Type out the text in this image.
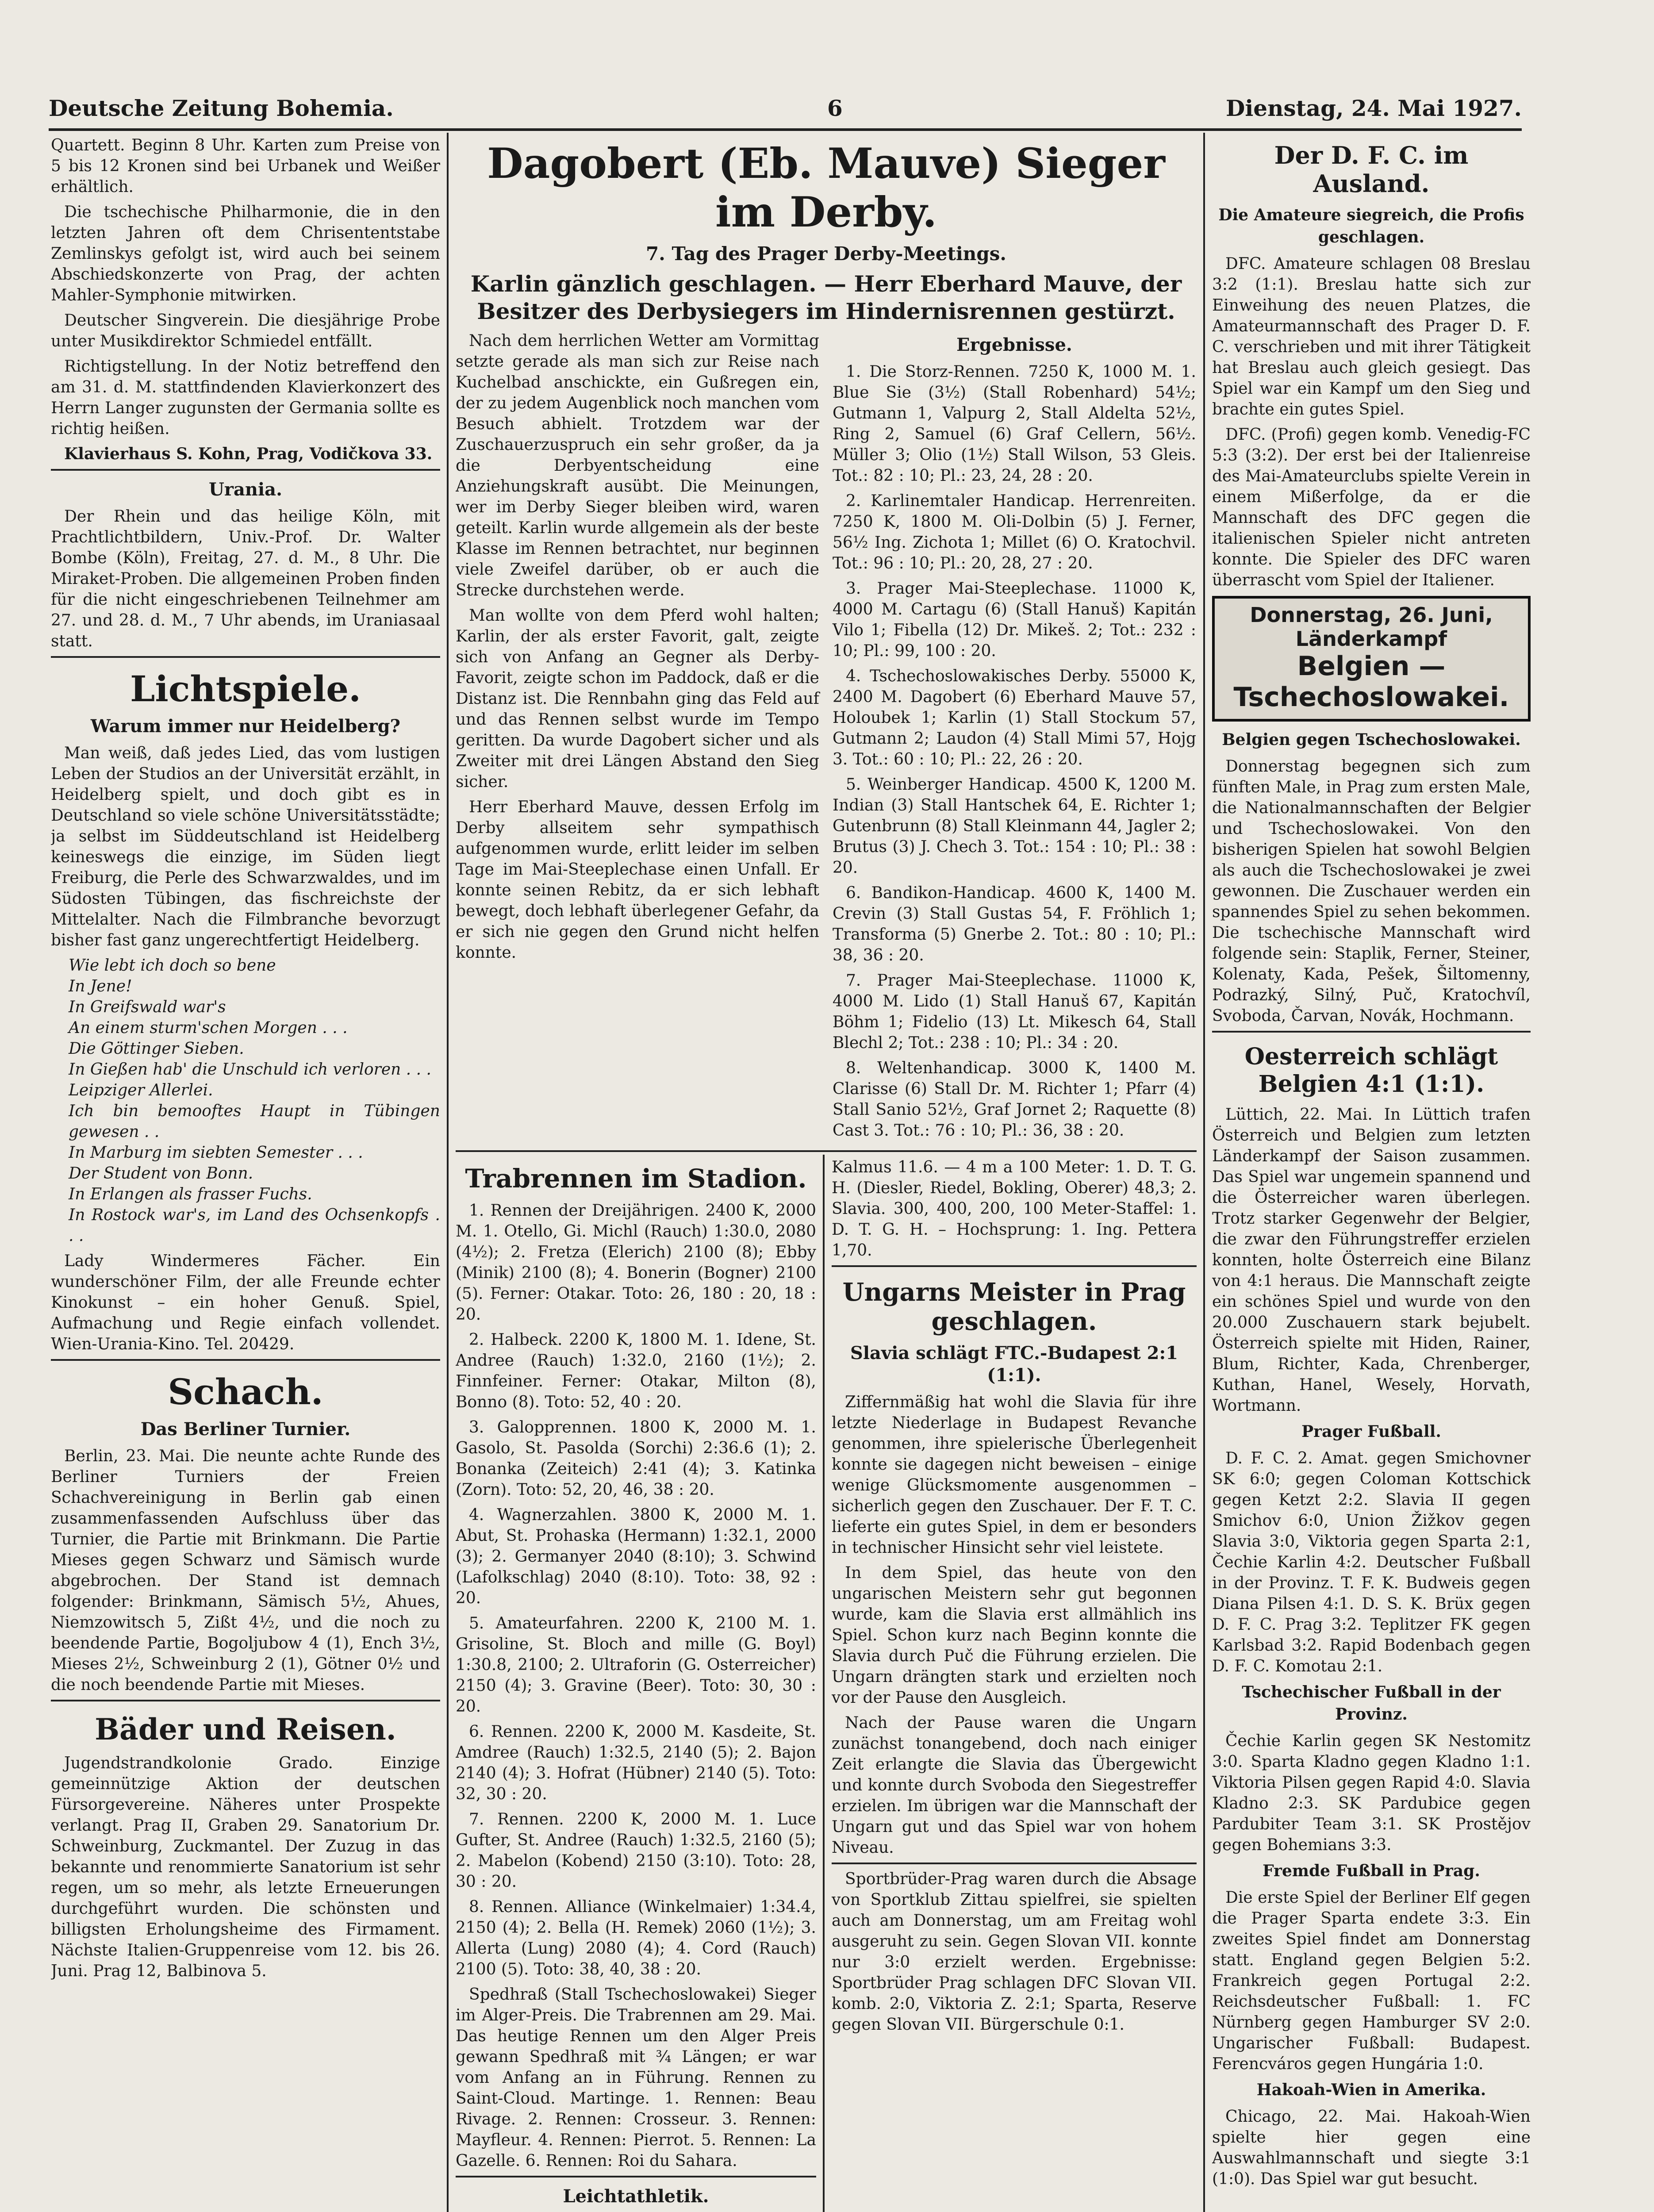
Deutsche Zeitung Bohemia.	6	Dienstag, 24. Mai 1927.

Quartett. Beginn 8 Uhr. Karten zum Preise von 5 bis 12 Kronen sind bei Urbanek und Weißer erhältlich.

Die tschechische Philharmonie, die in den letzten Jahren oft dem Chrisententstabe Zemlinskys gefolgt ist, wird auch bei seinem Abschiedskonzerte von Prag, der achten Mahler-Symphonie mitwirken.

Deutscher Singverein. Die diesjährige Probe unter Musikdirektor Schmiedel entfällt.

Richtigstellung. In der Notiz betreffend den am 31. d. M. stattfindenden Klavierkonzert des Herrn Langer zugunsten der Germania sollte es richtig heißen.

Klavierhaus S. Kohn, Prag, Vodičkova 33.

Urania.

Der Rhein und das heilige Köln, mit Prachtlichtbildern, Univ.-Prof. Dr. Walter Bombe (Köln), Freitag, 27. d. M., 8 Uhr. Die Miraket-Proben. Die allgemeinen Proben finden für die nicht eingeschriebenen Teilnehmer am 27. und 28. d. M., 7 Uhr abends, im Uraniasaal statt.

Lichtspiele.
Warum immer nur Heidelberg?

Man weiß, daß jedes Lied, das vom lustigen Leben der Studios an der Universität erzählt, in Heidelberg spielt, und doch gibt es in Deutschland so viele schöne Universitätsstädte; ja selbst im Süddeutschland ist Heidelberg keineswegs die einzige, im Süden liegt Freiburg, die Perle des Schwarzwaldes, und im Südosten Tübingen, das fischreichste der Mittelalter. Nach die Filmbranche bevorzugt bisher fast ganz ungerechtfertigt Heidelberg.

Wie lebt ich doch so bene

In Jene!

In Greifswald war's

An einem sturm'schen Morgen . . .

Die Göttinger Sieben.

In Gießen hab' die Unschuld ich verloren . . .

Leipziger Allerlei.

Ich bin bemooftes Haupt in Tübingen gewesen . .

In Marburg im siebten Semester . . .

Der Student von Bonn.

In Erlangen als frasser Fuchs.

In Rostock war's, im Land des Ochsenkopfs . . .

Lady Windermeres Fächer. Ein wunderschöner Film, der alle Freunde echter Kinokunst – ein hoher Genuß. Spiel, Aufmachung und Regie einfach vollendet. Wien-Urania-Kino. Tel. 20429.

Schach.
Das Berliner Turnier.

Berlin, 23. Mai. Die neunte achte Runde des Berliner Turniers der Freien Schachvereinigung in Berlin gab einen zusammenfassenden Aufschluss über das Turnier, die Partie mit Brinkmann. Die Partie Mieses gegen Schwarz und Sämisch wurde abgebrochen. Der Stand ist demnach folgender: Brinkmann, Sämisch 5½, Ahues, Niemzowitsch 5, Zißt 4½, und die noch zu beendende Partie, Bogoljubow 4 (1), Ench 3½, Mieses 2½, Schweinburg 2 (1), Götner 0½ und die noch beendende Partie mit Mieses.

Bäder und Reisen.

Jugendstrandkolonie Grado. Einzige gemeinnützige Aktion der deutschen Fürsorgevereine. Näheres unter Prospekte verlangt. Prag II, Graben 29. Sanatorium Dr. Schweinburg, Zuckmantel. Der Zuzug in das bekannte und renommierte Sanatorium ist sehr regen, um so mehr, als letzte Erneuerungen durchgeführt wurden. Die schönsten und billigsten Erholungsheime des Firmament. Nächste Italien-Gruppenreise vom 12. bis 26. Juni. Prag 12, Balbinova 5.

Dagobert (Eb. Mauve) Sieger im Derby.
7. Tag des Prager Derby-Meetings.
Karlin gänzlich geschlagen. — Herr Eberhard Mauve, der Besitzer des Derbysiegers im Hindernisrennen gestürzt.

Nach dem herrlichen Wetter am Vormittag setzte gerade als man sich zur Reise nach Kuchelbad anschickte, ein Gußregen ein, der zu jedem Augenblick noch manchen vom Besuch abhielt. Trotzdem war der Zuschauerzuspruch ein sehr großer, da ja die Derbyentscheidung eine Anziehungskraft ausübt. Die Meinungen, wer im Derby Sieger bleiben wird, waren geteilt. Karlin wurde allgemein als der beste Klasse im Rennen betrachtet, nur beginnen viele Zweifel darüber, ob er auch die Strecke durchstehen werde.

Man wollte von dem Pferd wohl halten; Karlin, der als erster Favorit, galt, zeigte sich von Anfang an Gegner als Derby-Favorit, zeigte schon im Paddock, daß er die Distanz ist. Die Rennbahn ging das Feld auf und das Rennen selbst wurde im Tempo geritten. Da wurde Dagobert sicher und als Zweiter mit drei Längen Abstand den Sieg sicher.

Herr Eberhard Mauve, dessen Erfolg im Derby allseitem sehr sympathisch aufgenommen wurde, erlitt leider im selben Tage im Mai-Steeplechase einen Unfall. Er konnte seinen Rebitz, da er sich lebhaft bewegt, doch lebhaft überlegener Gefahr, da er sich nie gegen den Grund nicht helfen konnte.

Ergebnisse.

1. Die Storz-Rennen. 7250 K, 1000 M. 1. Blue Sie (3½) (Stall Robenhard) 54½; Gutmann 1, Valpurg 2, Stall Aldelta 52½, Ring 2, Samuel (6) Graf Cellern, 56½. Müller 3; Olio (1½) Stall Wilson, 53 Gleis. Tot.: 82 : 10; Pl.: 23, 24, 28 : 20.

2. Karlinemtaler Handicap. Herrenreiten. 7250 K, 1800 M. Oli-Dolbin (5) J. Ferner, 56½ Ing. Zichota 1; Millet (6) O. Kratochvil. Tot.: 96 : 10; Pl.: 20, 28, 27 : 20.

3. Prager Mai-Steeplechase. 11000 K, 4000 M. Cartagu (6) (Stall Hanuš) Kapitán Vilo 1; Fibella (12) Dr. Mikeš. 2; Tot.: 232 : 10; Pl.: 99, 100 : 20.

4. Tschechoslowakisches Derby. 55000 K, 2400 M. Dagobert (6) Eberhard Mauve 57, Holoubek 1; Karlin (1) Stall Stockum 57, Gutmann 2; Laudon (4) Stall Mimi 57, Hojg 3. Tot.: 60 : 10; Pl.: 22, 26 : 20.

5. Weinberger Handicap. 4500 K, 1200 M. Indian (3) Stall Hantschek 64, E. Richter 1; Gutenbrunn (8) Stall Kleinmann 44, Jagler 2; Brutus (3) J. Chech 3. Tot.: 154 : 10; Pl.: 38 : 20.

6. Bandikon-Handicap. 4600 K, 1400 M. Crevin (3) Stall Gustas 54, F. Fröhlich 1; Transforma (5) Gnerbe 2. Tot.: 80 : 10; Pl.: 38, 36 : 20.

7. Prager Mai-Steeplechase. 11000 K, 4000 M. Lido (1) Stall Hanuš 67, Kapitán Böhm 1; Fidelio (13) Lt. Mikesch 64, Stall Blechl 2; Tot.: 238 : 10; Pl.: 34 : 20.

8. Weltenhandicap. 3000 K, 1400 M. Clarisse (6) Stall Dr. M. Richter 1; Pfarr (4) Stall Sanio 52½, Graf Jornet 2; Raquette (8) Cast 3. Tot.: 76 : 10; Pl.: 36, 38 : 20.

Trabrennen im Stadion.

1. Rennen der Dreijährigen. 2400 K, 2000 M. 1. Otello, Gi. Michl (Rauch) 1:30.0, 2080 (4½); 2. Fretza (Elerich) 2100 (8); Ebby (Minik) 2100 (8); 4. Bonerin (Bogner) 2100 (5). Ferner: Otakar. Toto: 26, 180 : 20, 18 : 20.

2. Halbeck. 2200 K, 1800 M. 1. Idene, St. Andree (Rauch) 1:32.0, 2160 (1½); 2. Finnfeiner. Ferner: Otakar, Milton (8), Bonno (8). Toto: 52, 40 : 20.

3. Galopprennen. 1800 K, 2000 M. 1. Gasolo, St. Pasolda (Sorchi) 2:36.6 (1); 2. Bonanka (Zeiteich) 2:41 (4); 3. Katinka (Zorn). Toto: 52, 20, 46, 38 : 20.

4. Wagnerzahlen. 3800 K, 2000 M. 1. Abut, St. Prohaska (Hermann) 1:32.1, 2000 (3); 2. Germanyer 2040 (8:10); 3. Schwind (Lafolkschlag) 2040 (8:10). Toto: 38, 92 : 20.

5. Amateurfahren. 2200 K, 2100 M. 1. Grisoline, St. Bloch and mille (G. Boyl) 1:30.8, 2100; 2. Ultraforin (G. Osterreicher) 2150 (4); 3. Gravine (Beer). Toto: 30, 30 : 20.

6. Rennen. 2200 K, 2000 M. Kasdeite, St. Amdree (Rauch) 1:32.5, 2140 (5); 2. Bajon 2140 (4); 3. Hofrat (Hübner) 2140 (5). Toto: 32, 30 : 20.

7. Rennen. 2200 K, 2000 M. 1. Luce Gufter, St. Andree (Rauch) 1:32.5, 2160 (5); 2. Mabelon (Kobend) 2150 (3:10). Toto: 28, 30 : 20.

8. Rennen. Alliance (Winkelmaier) 1:34.4, 2150 (4); 2. Bella (H. Remek) 2060 (1½); 3. Allerta (Lung) 2080 (4); 4. Cord (Rauch) 2100 (5). Toto: 38, 40, 38 : 20.

Spedhraß (Stall Tschechoslowakei) Sieger im Alger-Preis. Die Trabrennen am 29. Mai. Das heutige Rennen um den Alger Preis gewann Spedhraß mit ¾ Längen; er war vom Anfang an in Führung. Rennen zu Saint-Cloud. Martinge. 1. Rennen: Beau Rivage. 2. Rennen: Crosseur. 3. Rennen: Mayfleur. 4. Rennen: Pierrot. 5. Rennen: La Gazelle. 6. Rennen: Roi du Sahara.

Leichtathletik.

Kalmus 11.6. — 4 m a 100 Meter: 1. D. T. G. H. (Diesler, Riedel, Bokling, Oberer) 48,3; 2. Slavia. 300, 400, 200, 100 Meter-Staffel: 1. D. T. G. H. – Hochsprung: 1. Ing. Pettera 1,70.

Ungarns Meister in Prag geschlagen.
Slavia schlägt FTC.-Budapest 2:1 (1:1).

Ziffernmäßig hat wohl die Slavia für ihre letzte Niederlage in Budapest Revanche genommen, ihre spielerische Überlegenheit konnte sie dagegen nicht beweisen – einige wenige Glücksmomente ausgenommen – sicherlich gegen den Zuschauer. Der F. T. C. lieferte ein gutes Spiel, in dem er besonders in technischer Hinsicht sehr viel leistete.

In dem Spiel, das heute von den ungarischen Meistern sehr gut begonnen wurde, kam die Slavia erst allmählich ins Spiel. Schon kurz nach Beginn konnte die Slavia durch Puč die Führung erzielen. Die Ungarn drängten stark und erzielten noch vor der Pause den Ausgleich.

Nach der Pause waren die Ungarn zunächst tonangebend, doch nach einiger Zeit erlangte die Slavia das Übergewicht und konnte durch Svoboda den Siegestreffer erzielen. Im übrigen war die Mannschaft der Ungarn gut und das Spiel war von hohem Niveau.

Sportbrüder-Prag waren durch die Absage von Sportklub Zittau spielfrei, sie spielten auch am Donnerstag, um am Freitag wohl ausgeruht zu sein. Gegen Slovan VII. konnte nur 3:0 erzielt werden. Ergebnisse: Sportbrüder Prag schlagen DFC Slovan VII. komb. 2:0, Viktoria Z. 2:1; Sparta, Reserve gegen Slovan VII. Bürgerschule 0:1.

Der D. F. C. im Ausland.
Die Amateure siegreich, die Profis geschlagen.

DFC. Amateure schlagen 08 Breslau 3:2 (1:1). Breslau hatte sich zur Einweihung des neuen Platzes, die Amateurmannschaft des Prager D. F. C. verschrieben und mit ihrer Tätigkeit hat Breslau auch gleich gesiegt. Das Spiel war ein Kampf um den Sieg und brachte ein gutes Spiel.

DFC. (Profi) gegen komb. Venedig-FC 5:3 (3:2). Der erst bei der Italienreise des Mai-Amateurclubs spielte Verein in einem Mißerfolge, da er die Mannschaft des DFC gegen die italienischen Spieler nicht antreten konnte. Die Spieler des DFC waren überrascht vom Spiel der Italiener.

Donnerstag, 26. Juni, Länderkampf
Belgien — Tschechoslowakei.
Belgien gegen Tschechoslowakei.

Donnerstag begegnen sich zum fünften Male, in Prag zum ersten Male, die Nationalmannschaften der Belgier und Tschechoslowakei. Von den bisherigen Spielen hat sowohl Belgien als auch die Tschechoslowakei je zwei gewonnen. Die Zuschauer werden ein spannendes Spiel zu sehen bekommen. Die tschechische Mannschaft wird folgende sein: Staplik, Ferner, Steiner, Kolenaty, Kada, Pešek, Šiltomenny, Podrazký, Silný, Puč, Kratochvíl, Svoboda, Čarvan, Novák, Hochmann.

Oesterreich schlägt Belgien 4:1 (1:1).

Lüttich, 22. Mai. In Lüttich trafen Österreich und Belgien zum letzten Länderkampf der Saison zusammen. Das Spiel war ungemein spannend und die Österreicher waren überlegen. Trotz starker Gegenwehr der Belgier, die zwar den Führungstreffer erzielen konnten, holte Österreich eine Bilanz von 4:1 heraus. Die Mannschaft zeigte ein schönes Spiel und wurde von den 20.000 Zuschauern stark bejubelt. Österreich spielte mit Hiden, Rainer, Blum, Richter, Kada, Chrenberger, Kuthan, Hanel, Wesely, Horvath, Wortmann.

Prager Fußball.

D. F. C. 2. Amat. gegen Smichovner SK 6:0; gegen Coloman Kottschick gegen Ketzt 2:2. Slavia II gegen Smichov 6:0, Union Žižkov gegen Slavia 3:0, Viktoria gegen Sparta 2:1, Čechie Karlin 4:2. Deutscher Fußball in der Provinz. T. F. K. Budweis gegen Diana Pilsen 4:1. D. S. K. Brüx gegen D. F. C. Prag 3:2. Teplitzer FK gegen Karlsbad 3:2. Rapid Bodenbach gegen D. F. C. Komotau 2:1.

Tschechischer Fußball in der Provinz.

Čechie Karlin gegen SK Nestomitz 3:0. Sparta Kladno gegen Kladno 1:1. Viktoria Pilsen gegen Rapid 4:0. Slavia Kladno 2:3. SK Pardubice gegen Pardubiter Team 3:1. SK Prostějov gegen Bohemians 3:3.

Fremde Fußball in Prag.

Die erste Spiel der Berliner Elf gegen die Prager Sparta endete 3:3. Ein zweites Spiel findet am Donnerstag statt. England gegen Belgien 5:2. Frankreich gegen Portugal 2:2. Reichsdeutscher Fußball: 1. FC Nürnberg gegen Hamburger SV 2:0. Ungarischer Fußball: Budapest. Ferencváros gegen Hungária 1:0.

Hakoah-Wien in Amerika.

Chicago, 22. Mai. Hakoah-Wien spielte hier gegen eine Auswahlmannschaft und siegte 3:1 (1:0). Das Spiel war gut besucht.
